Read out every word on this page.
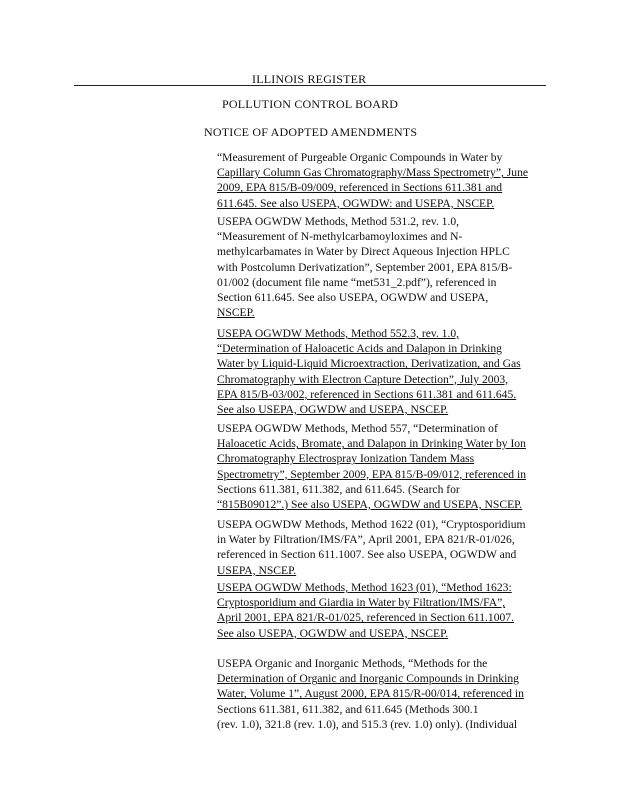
ILLINOIS REGISTER
POLLUTION CONTROL BOARD
NOTICE OF ADOPTED AMENDMENTS
“Measurement of Purgeable Organic Compounds in Water by
Capillary Column Gas Chromatography/Mass Spectrometry”, June
2009, EPA 815/B-09/009, referenced in Sections 611.381 and
611.645. See also USEPA, OGWDW: and USEPA, NSCEP.
USEPA OGWDW Methods, Method 531.2, rev. 1.0,
“Measurement of N-methylcarbamoyloximes and N-
methylcarbamates in Water by Direct Aqueous Injection HPLC
with Postcolumn Derivatization”, September 2001, EPA 815/B-
01/002 (document file name “met531_2.pdf”), referenced in
Section 611.645. See also USEPA, OGWDW and USEPA,
NSCEP.
USEPA OGWDW Methods, Method 552.3, rev. 1.0,
“Determination of Haloacetic Acids and Dalapon in Drinking
Water by Liquid-Liquid Microextraction, Derivatization, and Gas
Chromatography with Electron Capture Detection”, July 2003,
EPA 815/B-03/002, referenced in Sections 611.381 and 611.645.
See also USEPA, OGWDW and USEPA, NSCEP.
USEPA OGWDW Methods, Method 557, “Determination of
Haloacetic Acids, Bromate, and Dalapon in Drinking Water by Ion
Chromatography Electrospray Ionization Tandem Mass
Spectrometry”, September 2009, EPA 815/B-09/012, referenced in
Sections 611.381, 611.382, and 611.645. (Search for
“815B09012”.) See also USEPA, OGWDW and USEPA, NSCEP.
USEPA OGWDW Methods, Method 1622 (01), “Cryptosporidium
in Water by Filtration/IMS/FA”, April 2001, EPA 821/R-01/026,
referenced in Section 611.1007. See also USEPA, OGWDW and
USEPA, NSCEP.
USEPA OGWDW Methods, Method 1623 (01), “Method 1623:
Cryptosporidium and Giardia in Water by Filtration/IMS/FA”,
April 2001, EPA 821/R-01/025, referenced in Section 611.1007.
See also USEPA, OGWDW and USEPA, NSCEP.
USEPA Organic and Inorganic Methods, “Methods for the
Determination of Organic and Inorganic Compounds in Drinking
Water, Volume 1”, August 2000, EPA 815/R-00/014, referenced in
Sections 611.381, 611.382, and 611.645 (Methods 300.1
(rev. 1.0), 321.8 (rev. 1.0), and 515.3 (rev. 1.0) only). (Individual
